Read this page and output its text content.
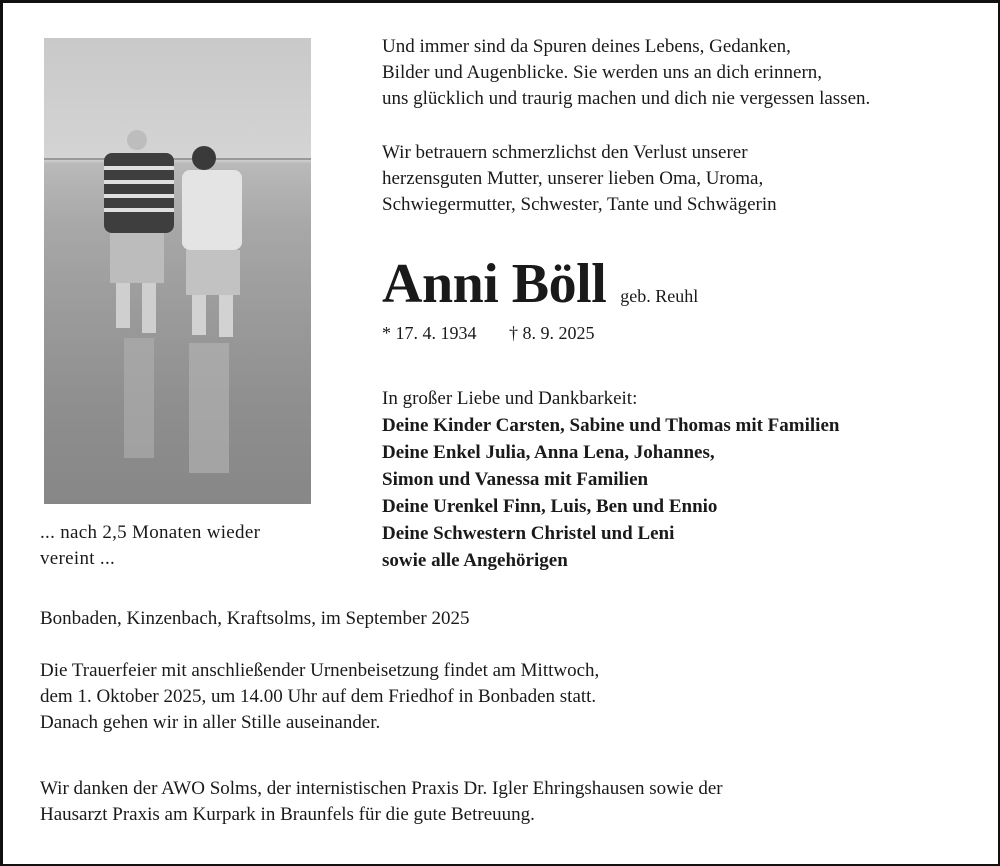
... nach 2,5 Monaten wieder
vereint ...
Und immer sind da Spuren deines Lebens, Gedanken,
Bilder und Augenblicke. Sie werden uns an dich erinnern,
uns glücklich und traurig machen und dich nie vergessen lassen.
Wir betrauern schmerzlichst den Verlust unserer
herzensguten Mutter, unserer lieben Oma, Uroma,
Schwiegermutter, Schwester, Tante und Schwägerin
Anni Böll geb. Reuhl
* 17. 4. 1934 † 8. 9. 2025
In großer Liebe und Dankbarkeit:
Deine Kinder Carsten, Sabine und Thomas mit Familien
Deine Enkel Julia, Anna Lena, Johannes,
Simon und Vanessa mit Familien
Deine Urenkel Finn, Luis, Ben und Ennio
Deine Schwestern Christel und Leni
sowie alle Angehörigen
Bonbaden, Kinzenbach, Kraftsolms, im September 2025
Die Trauerfeier mit anschließender Urnenbeisetzung findet am Mittwoch,
dem 1. Oktober 2025, um 14.00 Uhr auf dem Friedhof in Bonbaden statt.
Danach gehen wir in aller Stille auseinander.
Wir danken der AWO Solms, der internistischen Praxis Dr. Igler Ehringshausen sowie der
Hausarzt Praxis am Kurpark in Braunfels für die gute Betreuung.
